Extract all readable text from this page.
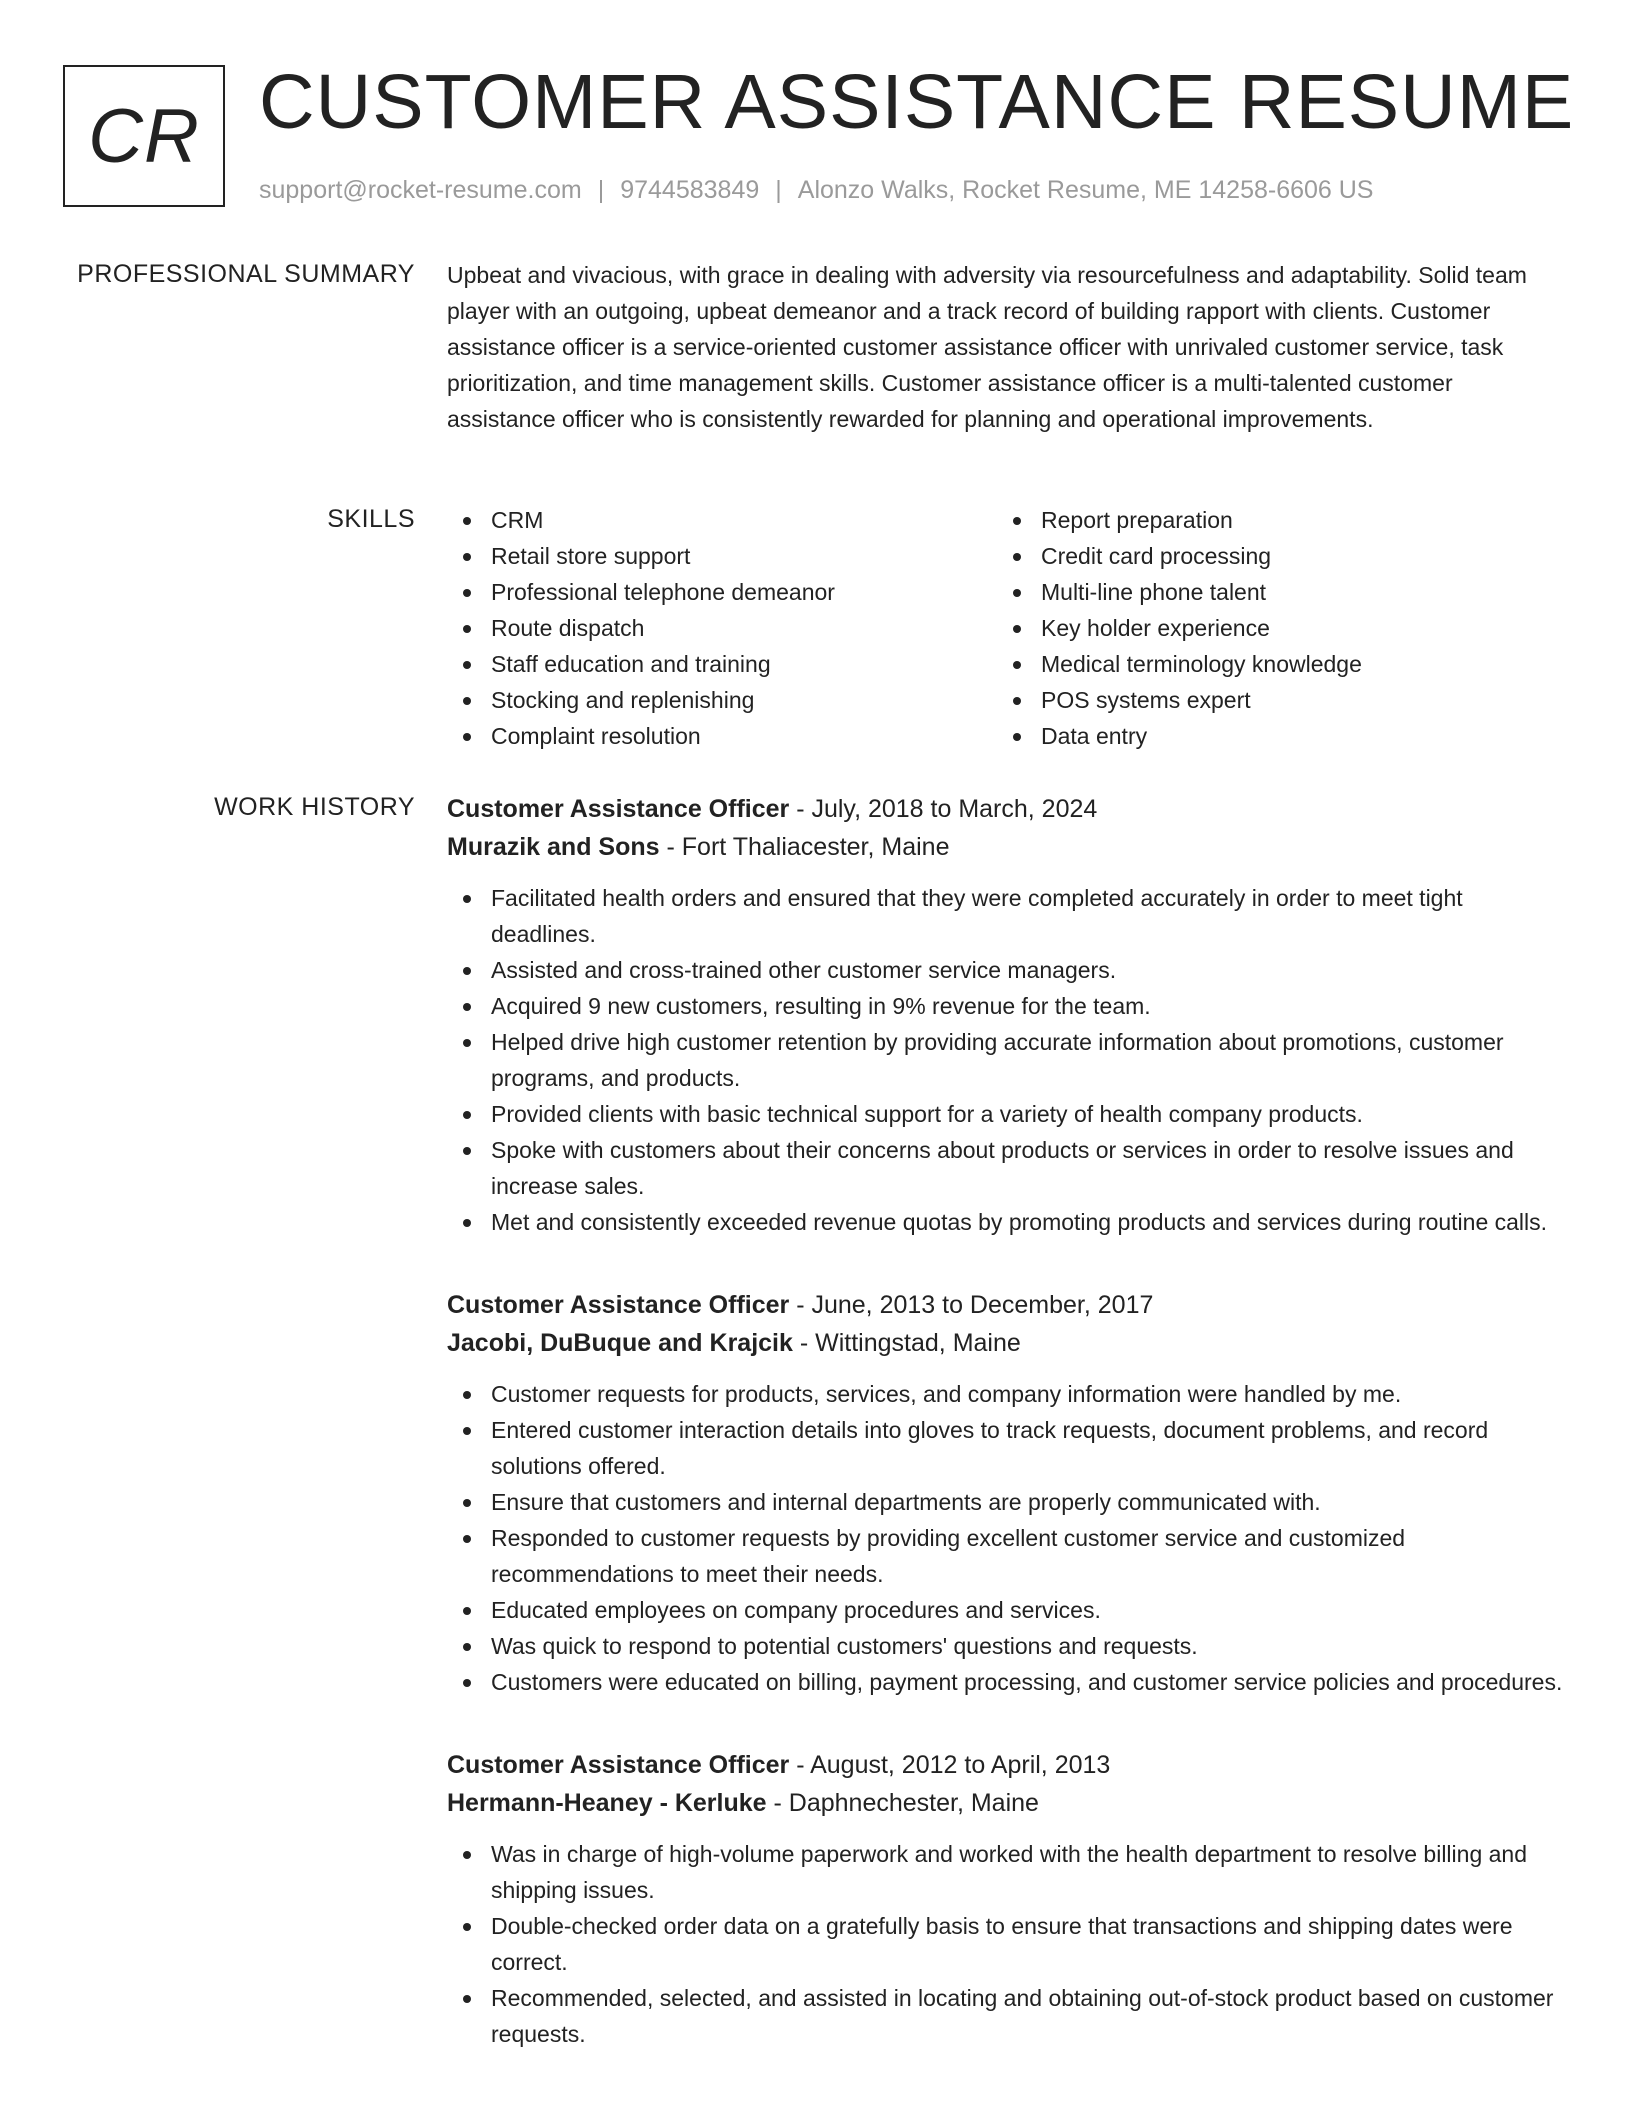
CR CUSTOMER ASSISTANCE RESUME
support@rocket-resume.com | 9744583849 | Alonzo Walks, Rocket Resume, ME 14258-6606 US
PROFESSIONAL SUMMARY Upbeat and vivacious, with grace in dealing with adversity via resourcefulness and adaptability. Solid team player with an outgoing, upbeat demeanor and a track record of building rapport with clients. Customer assistance officer is a service-oriented customer assistance officer with unrivaled customer service, task prioritization, and time management skills. Customer assistance officer is a multi-talented customer assistance officer who is consistently rewarded for planning and operational improvements.

SKILLS	CRM
Retail store support
Professional telephone demeanor
Route dispatch
Staff education and training
Stocking and replenishing
Complaint resolution
Report preparation
Credit card processing
Multi-line phone talent
Key holder experience
Medical terminology knowledge
POS systems expert
Data entry
WORK HISTORY Customer Assistance Officer - July, 2018 to March, 2024
Murazik and Sons - Fort Thaliacester, Maine
Facilitated health orders and ensured that they were completed accurately in order to meet tight deadlines.
Assisted and cross-trained other customer service managers.
Acquired 9 new customers, resulting in 9% revenue for the team.
Helped drive high customer retention by providing accurate information about promotions, customer programs, and products.
Provided clients with basic technical support for a variety of health company products.
Spoke with customers about their concerns about products or services in order to resolve issues and increase sales.
Met and consistently exceeded revenue quotas by promoting products and services during routine calls.
Customer Assistance Officer - June, 2013 to December, 2017
Jacobi, DuBuque and Krajcik - Wittingstad, Maine
Customer requests for products, services, and company information were handled by me.
Entered customer interaction details into gloves to track requests, document problems, and record solutions offered.
Ensure that customers and internal departments are properly communicated with.
Responded to customer requests by providing excellent customer service and customized recommendations to meet their needs.
Educated employees on company procedures and services.
Was quick to respond to potential customers' questions and requests.
Customers were educated on billing, payment processing, and customer service policies and procedures.
Customer Assistance Officer - August, 2012 to April, 2013
Hermann-Heaney - Kerluke - Daphnechester, Maine
Was in charge of high-volume paperwork and worked with the health department to resolve billing and shipping issues.
Double-checked order data on a gratefully basis to ensure that transactions and shipping dates were correct.
Recommended, selected, and assisted in locating and obtaining out-of-stock product based on customer requests.
